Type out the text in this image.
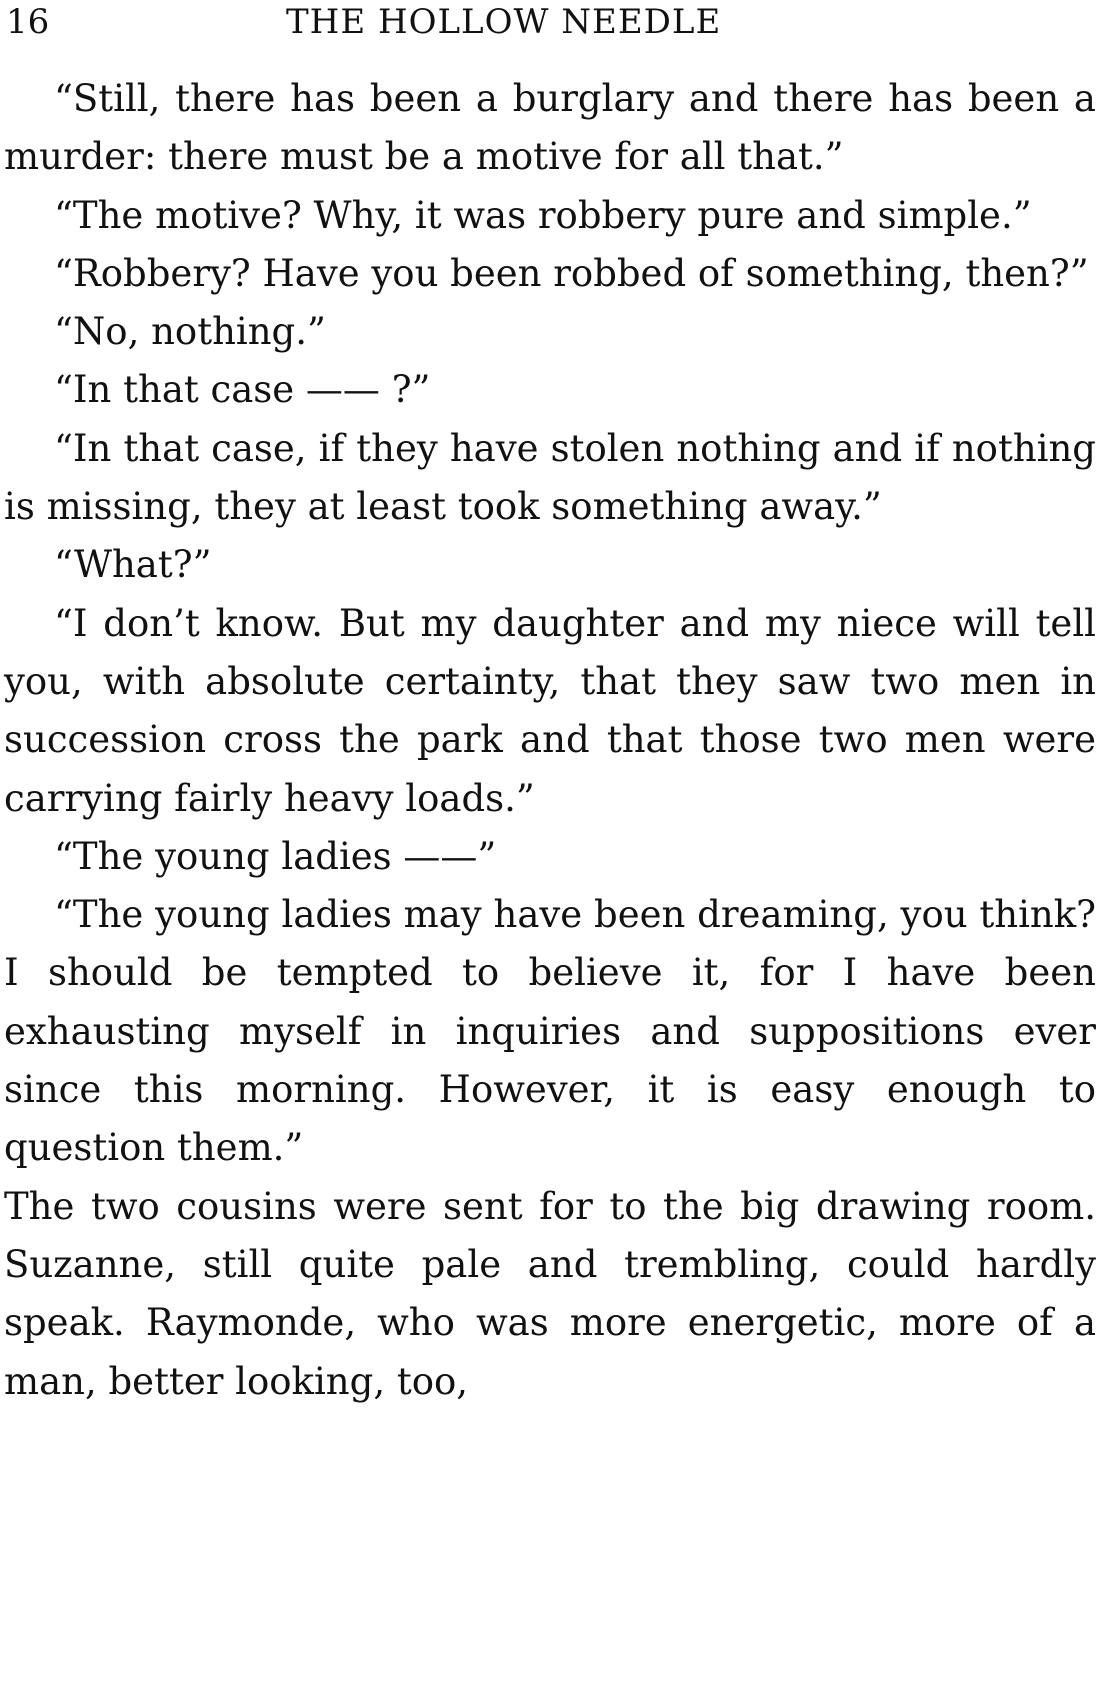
16	THE HOLLOW NEEDLE

“Still, there has been a burglary and there has been a murder: there must be a motive for all that.”

“The motive? Why, it was robbery pure and simple.”

“Robbery? Have you been robbed of something, then?”

“No, nothing.”

“In that case —— ?”

“In that case, if they have stolen nothing and if nothing is missing, they at least took something away.”

“What?”

“I don’t know. But my daughter and my niece will tell you, with absolute certainty, that they saw two men in succession cross the park and that those two men were carrying fairly heavy loads.”

“The young ladies ——”

“The young ladies may have been dreaming, you think? I should be tempted to believe it, for I have been exhausting myself in inquiries and suppositions ever since this morning. However, it is easy enough to question them.”

The two cousins were sent for to the big drawing room. Suzanne, still quite pale and trembling, could hardly speak. Raymonde, who was more energetic, more of a man, better looking, too,
